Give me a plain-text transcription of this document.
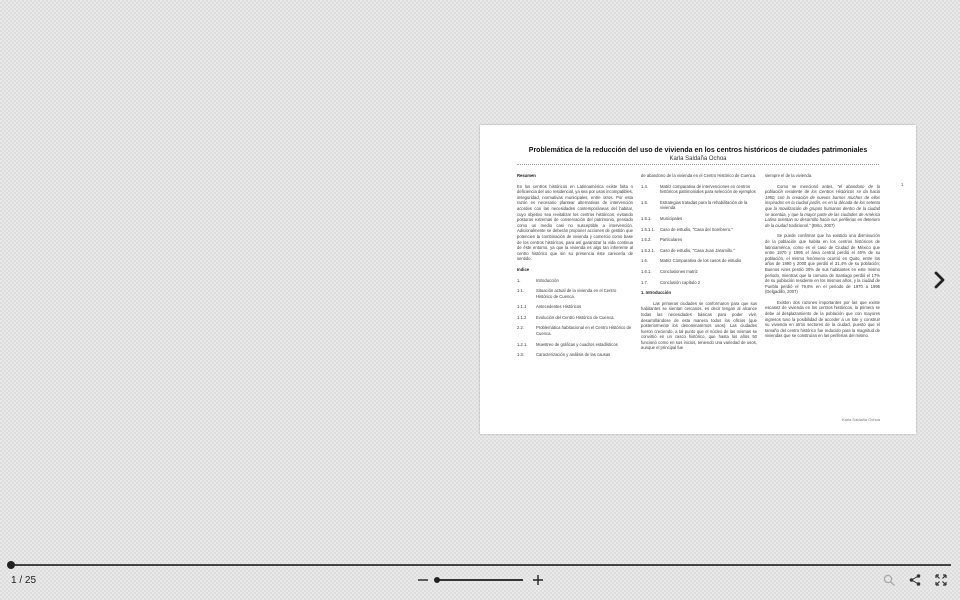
Problemática de la reducción del uso de vivienda en los centros históricos de ciudades patrimoniales
Karla Saldaña Ochoa

Resumen

En los centros históricos en Latinoamérica existe falta o deficiencia del uso residencial, ya sea por usos incompatibles, inseguridad, normativas municipales, entre otros. Por esta razón es necesario plantear alternativas de intervención acordes con las necesidades contemporáneas del habitar, cuyo objetivo sea revitalizar los centros históricos, evitando posturas extremas de conservación del patrimonio, pensado como un medio casi no susceptible a intervención. Adicionalmente se deberán proponer acciones de gestión que potencien la combinación de vivienda y comercio como base de los centros históricos, para así garantizar la vida continua de éste entorno, ya que la vivienda es algo tan inherente al centro histórico que sin su presencia éste carecería de sentido.

Indice

1.	Introducción
1.1.	Situación actual de la vivienda en el Centro Histórico de Cuenca.
1.1.1	Antecedentes Históricos
1.1.2	Evolución del Centro Histórico de Cuenca.
2.2.	Problemática habitacional en el Centro Histórico de Cuenca.
1.2.1.	Muestreo de gráficas y cuadros estadísticos
1.3.	Caracterización y análisis de las causas

de abandono de la vivienda en el Centro Histórico de Cuenca.

1.4.	Matriz comparativa de intervenciones en centros históricos patrimoniales para selección de ejemplos
1.5.	Estrategias tratadas para la rehabilitación de la vivienda
1.5.1.	Municipales
1.5.1.1.	Caso de estudio, "Casa del Sombrero."
1.5.2.	Particulares
1.5.2.1.	Caso de estudio, "Casa Juan Jaramillo."
1.6.	Matriz Comparativa de los casos de estudio
1.6.1.	Conclusiones matriz
1.7.	Conclusión capítulo 2

1. Introducción

Las primeras ciudades se conformaron para que sus habitantes se sientan cercanos, es decir tengan al alcance todas las necesidades básicas para poder vivir, desarrollándose de esta manera todos los oficios (que posteriormente los denominaremos usos). Las ciudades fueron creciendo, a tal punto que el núcleo de las mismas se convirtió en un casco histórico, que hasta los años 50 funcionó como en sus inicios, teniendo una variedad de usos, aunque el principal fue

siempre el de la vivienda.

Como se mencionó antes, "el abandono de la población residente de los Centros Históricos se da hacia 1950, con la creación de nuevos barrios muchos de ellos inspirados en la ciudad jardín, es en la década de los setenta que la movilización de grupos humanos dentro de la ciudad se acentúa, y que la mayor parte de las ciudades de América Latina orientan su desarrollo hacia sus periferias en deterioro de la ciudad tradicional." (Brito, 2007)

Se puede confirmar que ha existido una disminución de la población que habita en los centros históricos de latinoamérica, como es el caso de Ciudad de México que entre 1970 y 1995 el área central perdió el 40% de su población, el mismo fenómeno ocurrió en Quito, entre los años de 1990 y 2000 que perdió el 31,4% de su población; Buenos Aires perdió 30% de sus habitantes en este mismo periodo, mientras que la comuna de Santiago perdió el 17% de su población residente en los mismos años, y la ciudad de Puebla perdió el 79,6% en el periodo de 1970 a 1995 (Delgadillo, 2007)

Existen dos razones importantes por las que existe escasez de vivienda en los centros históricos, la primera se debe al desplazamiento de la población que con mayores ingresos tuvo la posibilidad de acceder a un lote y construir su vivienda en otros sectores de la ciudad, puesto que el tamaño del centro histórico fue reducido para la magnitud de viviendas que se construían en las periferias del mismo.

1
Karla Saldaña Ochoa
1 / 25
